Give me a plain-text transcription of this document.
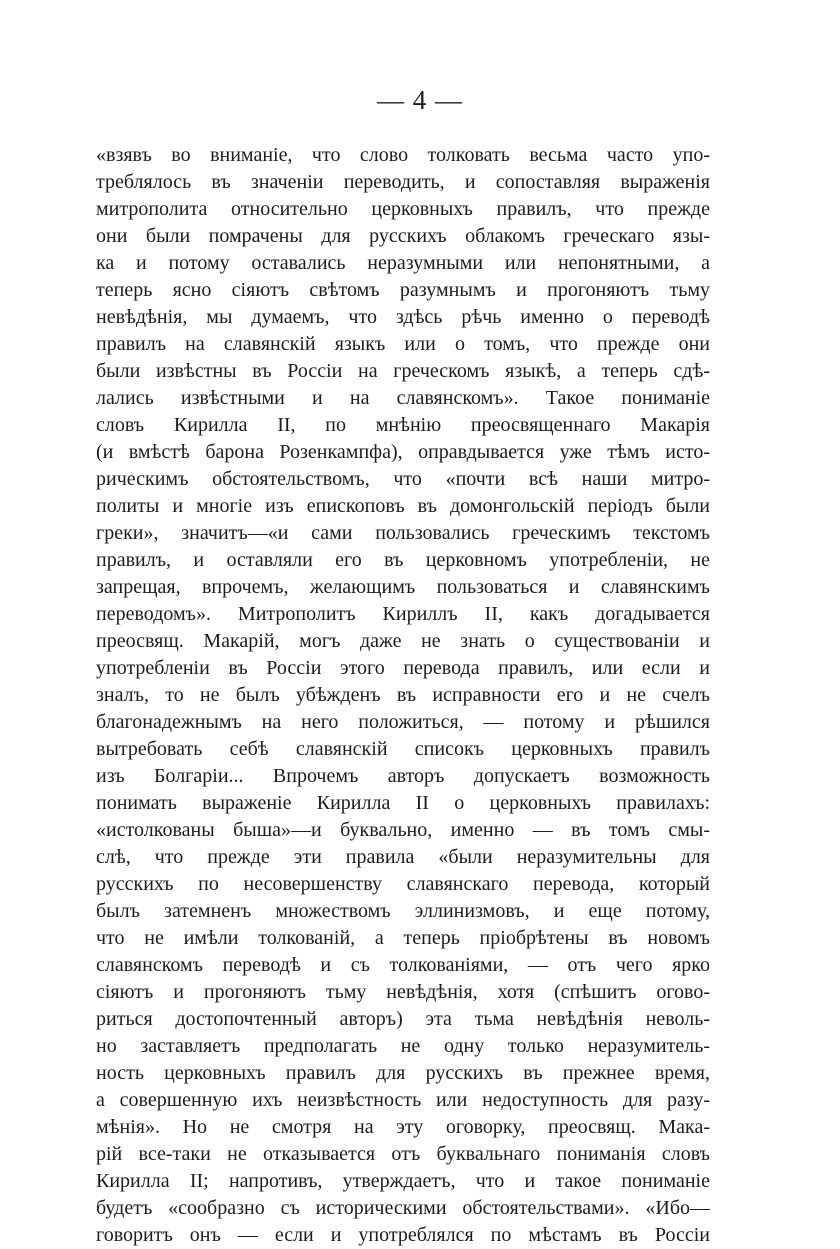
— 4 —
«взявъ во вниманіе, что слово толковать весьма часто упо-
треблялось въ значеніи переводить, и сопоставляя выраженія
митрополита относительно церковныхъ правилъ, что прежде
они были помрачены для русскихъ облакомъ греческаго язы-
ка и потому оставались неразумными или непонятными, а
теперь ясно сіяютъ свѣтомъ разумнымъ и прогоняютъ тьму
невѣдѣнія, мы думаемъ, что здѣсь рѣчь именно о переводѣ
правилъ на славянскій языкъ или о томъ, что прежде они
были извѣстны въ Россіи на греческомъ языкѣ, а теперь сдѣ-
лались извѣстными и на славянскомъ». Такое пониманіе
словъ Кирилла II, по мнѣнію преосвященнаго Макарія
(и вмѣстѣ барона Розенкампфа), оправдывается уже тѣмъ исто-
рическимъ обстоятельствомъ, что «почти всѣ наши митро-
политы и многіе изъ епископовъ въ домонгольскій періодъ были
греки», значитъ—«и сами пользовались греческимъ текстомъ
правилъ, и оставляли его въ церковномъ употребленіи, не
запрещая, впрочемъ, желающимъ пользоваться и славянскимъ
переводомъ». Митрополитъ Кириллъ II, какъ догадывается
преосвящ. Макарій, могъ даже не знать о существованіи и
употребленіи въ Россіи этого перевода правилъ, или если и
зналъ, то не былъ убѣжденъ въ исправности его и не счелъ
благонадежнымъ на него положиться, — потому и рѣшился
вытребовать себѣ славянскій списокъ церковныхъ правилъ
изъ Болгаріи... Впрочемъ авторъ допускаетъ возможность
понимать выраженіе Кирилла II о церковныхъ правилахъ:
«истолкованы быша»—и буквально, именно — въ томъ смы-
слѣ, что прежде эти правила «были неразумительны для
русскихъ по несовершенству славянскаго перевода, который
былъ затемненъ множествомъ эллинизмовъ, и еще потому,
что не имѣли толкованій, а теперь пріобрѣтены въ новомъ
славянскомъ переводѣ и съ толкованіями, — отъ чего ярко
сіяютъ и прогоняютъ тьму невѣдѣнія, хотя (спѣшитъ огово-
риться достопочтенный авторъ) эта тьма невѣдѣнія неволь-
но заставляетъ предполагать не одну только неразумитель-
ность церковныхъ правилъ для русскихъ въ прежнее время,
а совершенную ихъ неизвѣстность или недоступность для разу-
мѣнія». Но не смотря на эту оговорку, преосвящ. Мака-
рій все-таки не отказывается отъ буквальнаго пониманія словъ
Кирилла II; напротивъ, утверждаетъ, что и такое пониманіе
будетъ «сообразно съ историческими обстоятельствами». «Ибо—
говоритъ онъ — если и употреблялся по мѣстамъ въ Россіи
